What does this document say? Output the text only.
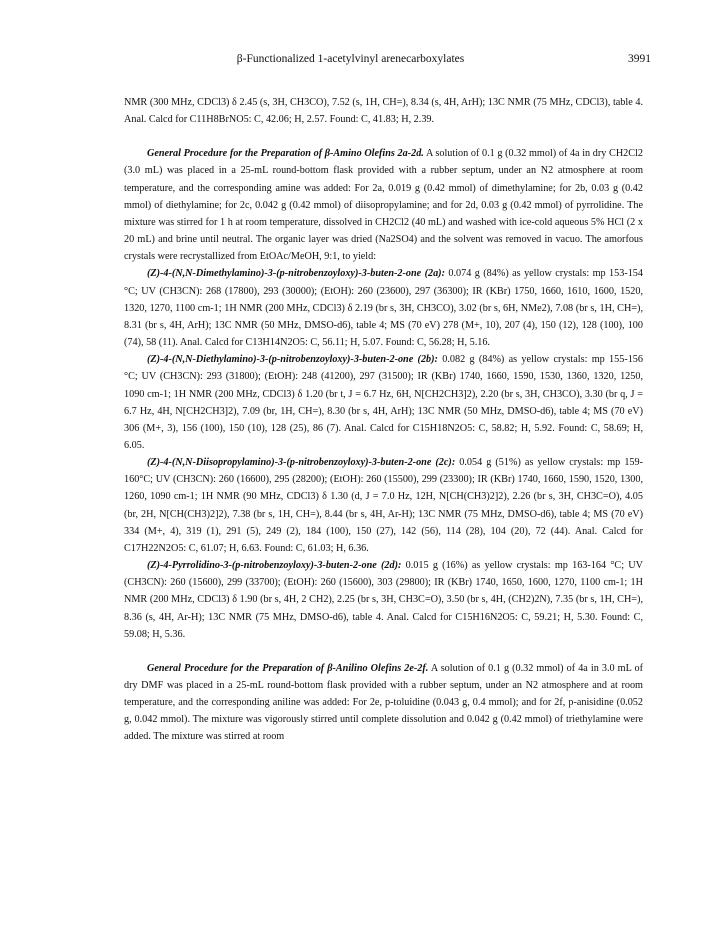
β-Functionalized 1-acetylvinyl arenecarboxylates	3991

NMR (300 MHz, CDCl3) δ 2.45 (s, 3H, CH3CO), 7.52 (s, 1H, CH=), 8.34 (s, 4H, ArH); 13C NMR (75 MHz, CDCl3), table 4. Anal. Calcd for C11H8BrNO5: C, 42.06; H, 2.57. Found: C, 41.83; H, 2.39.

General Procedure for the Preparation of β-Amino Olefins 2a-2d. A solution of 0.1 g (0.32 mmol) of 4a in dry CH2Cl2 (3.0 mL) was placed in a 25-mL round-bottom flask provided with a rubber septum, under an N2 atmosphere at room temperature, and the corresponding amine was added: For 2a, 0.019 g (0.42 mmol) of dimethylamine; for 2b, 0.03 g (0.42 mmol) of diethylamine; for 2c, 0.042 g (0.42 mmol) of diisopropylamine; and for 2d, 0.03 g (0.42 mmol) of pyrrolidine. The mixture was stirred for 1 h at room temperature, dissolved in CH2Cl2 (40 mL) and washed with ice-cold aqueous 5% HCl (2 x 20 mL) and brine until neutral. The organic layer was dried (Na2SO4) and the solvent was removed in vacuo. The amorfous crystals were recrystallized from EtOAc/MeOH, 9:1, to yield:

(Z)-4-(N,N-Dimethylamino)-3-(p-nitrobenzoyloxy)-3-buten-2-one (2a): 0.074 g (84%) as yellow crystals: mp 153-154 °C; UV (CH3CN): 268 (17800), 293 (30000); (EtOH): 260 (23600), 297 (36300); IR (KBr) 1750, 1660, 1610, 1600, 1520, 1320, 1270, 1100 cm-1; 1H NMR (200 MHz, CDCl3) δ 2.19 (br s, 3H, CH3CO), 3.02 (br s, 6H, NMe2), 7.08 (br s, 1H, CH=), 8.31 (br s, 4H, ArH); 13C NMR (50 MHz, DMSO-d6), table 4; MS (70 eV) 278 (M+, 10), 207 (4), 150 (12), 128 (100), 100 (74), 58 (11). Anal. Calcd for C13H14N2O5: C, 56.11; H, 5.07. Found: C, 56.28; H, 5.16.

(Z)-4-(N,N-Diethylamino)-3-(p-nitrobenzoyloxy)-3-buten-2-one (2b): 0.082 g (84%) as yellow crystals: mp 155-156 °C; UV (CH3CN): 293 (31800); (EtOH): 248 (41200), 297 (31500); IR (KBr) 1740, 1660, 1590, 1530, 1360, 1320, 1250, 1090 cm-1; 1H NMR (200 MHz, CDCl3) δ 1.20 (br t, J = 6.7 Hz, 6H, N[CH2CH3]2), 2.20 (br s, 3H, CH3CO), 3.30 (br q, J = 6.7 Hz, 4H, N[CH2CH3]2), 7.09 (br, 1H, CH=), 8.30 (br s, 4H, ArH); 13C NMR (50 MHz, DMSO-d6), table 4; MS (70 eV) 306 (M+, 3), 156 (100), 150 (10), 128 (25), 86 (7). Anal. Calcd for C15H18N2O5: C, 58.82; H, 5.92. Found: C, 58.69; H, 6.05.

(Z)-4-(N,N-Diisopropylamino)-3-(p-nitrobenzoyloxy)-3-buten-2-one (2c): 0.054 g (51%) as yellow crystals: mp 159-160°C; UV (CH3CN): 260 (16600), 295 (28200); (EtOH): 260 (15500), 299 (23300); IR (KBr) 1740, 1660, 1590, 1520, 1300, 1260, 1090 cm-1; 1H NMR (90 MHz, CDCl3) δ 1.30 (d, J = 7.0 Hz, 12H, N[CH(CH3)2]2), 2.26 (br s, 3H, CH3C=O), 4.05 (br, 2H, N[CH(CH3)2]2), 7.38 (br s, 1H, CH=), 8.44 (br s, 4H, Ar-H); 13C NMR (75 MHz, DMSO-d6), table 4; MS (70 eV) 334 (M+, 4), 319 (1), 291 (5), 249 (2), 184 (100), 150 (27), 142 (56), 114 (28), 104 (20), 72 (44). Anal. Calcd for C17H22N2O5: C, 61.07; H, 6.63. Found: C, 61.03; H, 6.36.

(Z)-4-Pyrrolidino-3-(p-nitrobenzoyloxy)-3-buten-2-one (2d): 0.015 g (16%) as yellow crystals: mp 163-164 °C; UV (CH3CN): 260 (15600), 299 (33700); (EtOH): 260 (15600), 303 (29800); IR (KBr) 1740, 1650, 1600, 1270, 1100 cm-1; 1H NMR (200 MHz, CDCl3) δ 1.90 (br s, 4H, 2 CH2), 2.25 (br s, 3H, CH3C=O), 3.50 (br s, 4H, (CH2)2N), 7.35 (br s, 1H, CH=), 8.36 (s, 4H, Ar-H); 13C NMR (75 MHz, DMSO-d6), table 4. Anal. Calcd for C15H16N2O5: C, 59.21; H, 5.30. Found: C, 59.08; H, 5.36.

General Procedure for the Preparation of β-Anilino Olefins 2e-2f. A solution of 0.1 g (0.32 mmol) of 4a in 3.0 mL of dry DMF was placed in a 25-mL round-bottom flask provided with a rubber septum, under an N2 atmosphere and at room temperature, and the corresponding aniline was added: For 2e, p-toluidine (0.043 g, 0.4 mmol); and for 2f, p-anisidine (0.052 g, 0.042 mmol). The mixture was vigorously stirred until complete dissolution and 0.042 g (0.42 mmol) of triethylamine were added. The mixture was stirred at room
